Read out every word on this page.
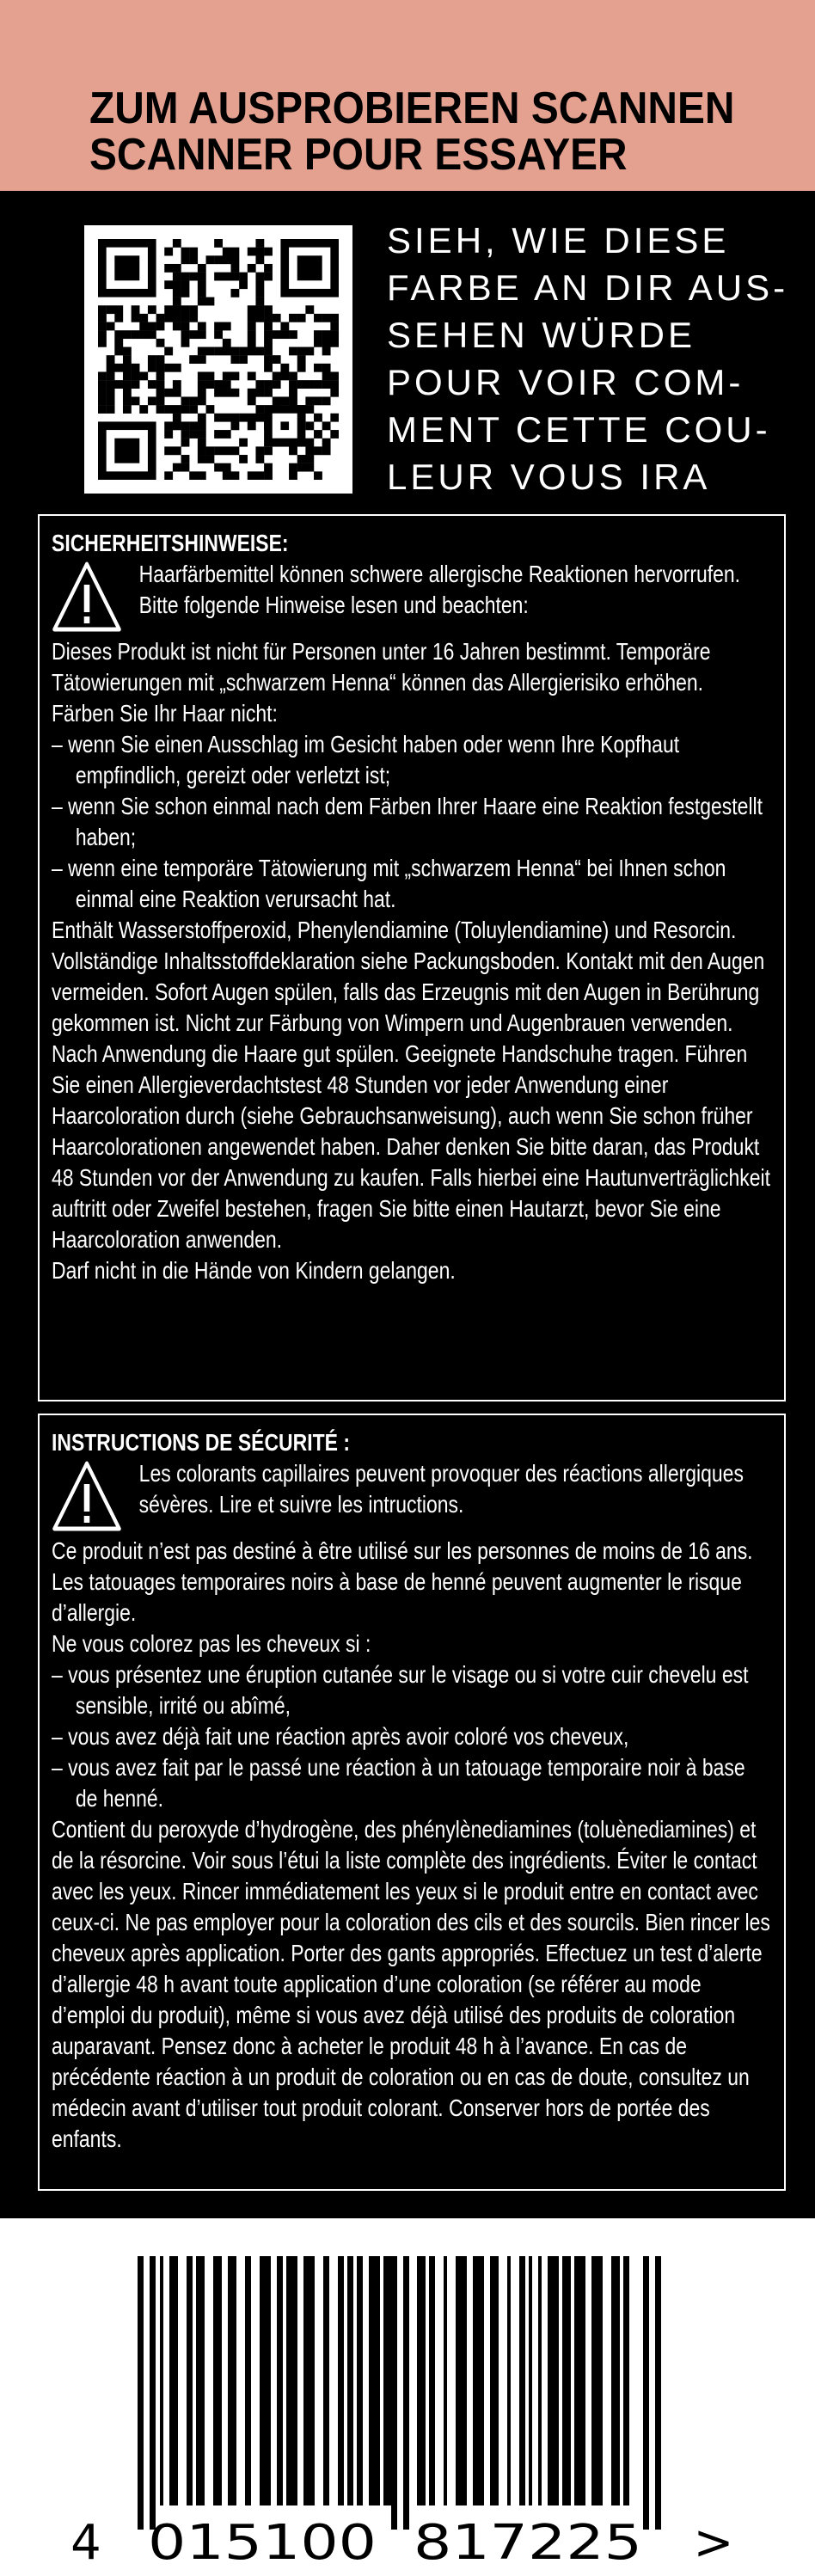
ZUM AUSPROBIEREN SCANNEN
SCANNER POUR ESSAYER
SIEH, WIE DIESE
FARBE AN DIR AUS-
SEHEN WÜRDE
POUR VOIR COM-
MENT CETTE COU-
LEUR VOUS IRA
SICHERHEITSHINWEISE:

Haarfärbemittel können schwere allergische Reaktionen hervorrufen. Bitte folgende Hinweise lesen und beachten:

Dieses Produkt ist nicht für Personen unter 16 Jahren bestimmt. Temporäre Tätowierungen mit „schwarzem Henna“ können das Allergierisiko erhöhen.

Färben Sie Ihr Haar nicht:

– wenn Sie einen Ausschlag im Gesicht haben oder wenn Ihre Kopfhaut empfindlich, gereizt oder verletzt ist;

– wenn Sie schon einmal nach dem Färben Ihrer Haare eine Reaktion festgestellt haben;

– wenn eine temporäre Tätowierung mit „schwarzem Henna“ bei Ihnen schon einmal eine Reaktion verursacht hat.

Enthält Wasserstoffperoxid, Phenylendiamine (Toluylendiamine) und Resorcin. Vollständige Inhaltsstoffdeklaration siehe Packungsboden. Kontakt mit den Augen vermeiden. Sofort Augen spülen, falls das Erzeugnis mit den Augen in Berührung gekommen ist. Nicht zur Färbung von Wimpern und Augenbrauen verwenden. Nach Anwendung die Haare gut spülen. Geeignete Handschuhe tragen. Führen Sie einen Allergieverdachtstest 48 Stunden vor jeder Anwendung einer Haarcoloration durch (siehe Gebrauchsanweisung), auch wenn Sie schon früher Haarcolorationen angewendet haben. Daher denken Sie bitte daran, das Produkt 48 Stunden vor der Anwendung zu kaufen. Falls hierbei eine Hautunverträglichkeit auftritt oder Zweifel bestehen, fragen Sie bitte einen Hautarzt, bevor Sie eine Haarcoloration anwenden.

Darf nicht in die Hände von Kindern gelangen.

INSTRUCTIONS DE SÉCURITÉ :

Les colorants capillaires peuvent provoquer des réactions allergiques sévères. Lire et suivre les intructions.

Ce produit n’est pas destiné à être utilisé sur les personnes de moins de 16 ans. Les tatouages temporaires noirs à base de henné peuvent augmenter le risque d’allergie.

Ne vous colorez pas les cheveux si :

– vous présentez une éruption cutanée sur le visage ou si votre cuir chevelu est sensible, irrité ou abîmé,

– vous avez déjà fait une réaction après avoir coloré vos cheveux,

– vous avez fait par le passé une réaction à un tatouage temporaire noir à base de henné.

Contient du peroxyde d’hydrogène, des phénylènediamines (toluènediamines) et de la résorcine. Voir sous l’étui la liste complète des ingrédients. Éviter le contact avec les yeux. Rincer immédiatement les yeux si le produit entre en contact avec ceux-ci. Ne pas employer pour la coloration des cils et des sourcils. Bien rincer les cheveux après application. Porter des gants appropriés. Effectuez un test d’alerte d’allergie 48 h avant toute application d’une coloration (se référer au mode d’emploi du produit), même si vous avez déjà utilisé des produits de coloration auparavant. Pensez donc à acheter le produit 48 h à l’avance. En cas de précédente réaction à un produit de coloration ou en cas de doute, consultez un médecin avant d’utiliser tout produit colorant. Conserver hors de portée des enfants.

4 015100 817225 >
